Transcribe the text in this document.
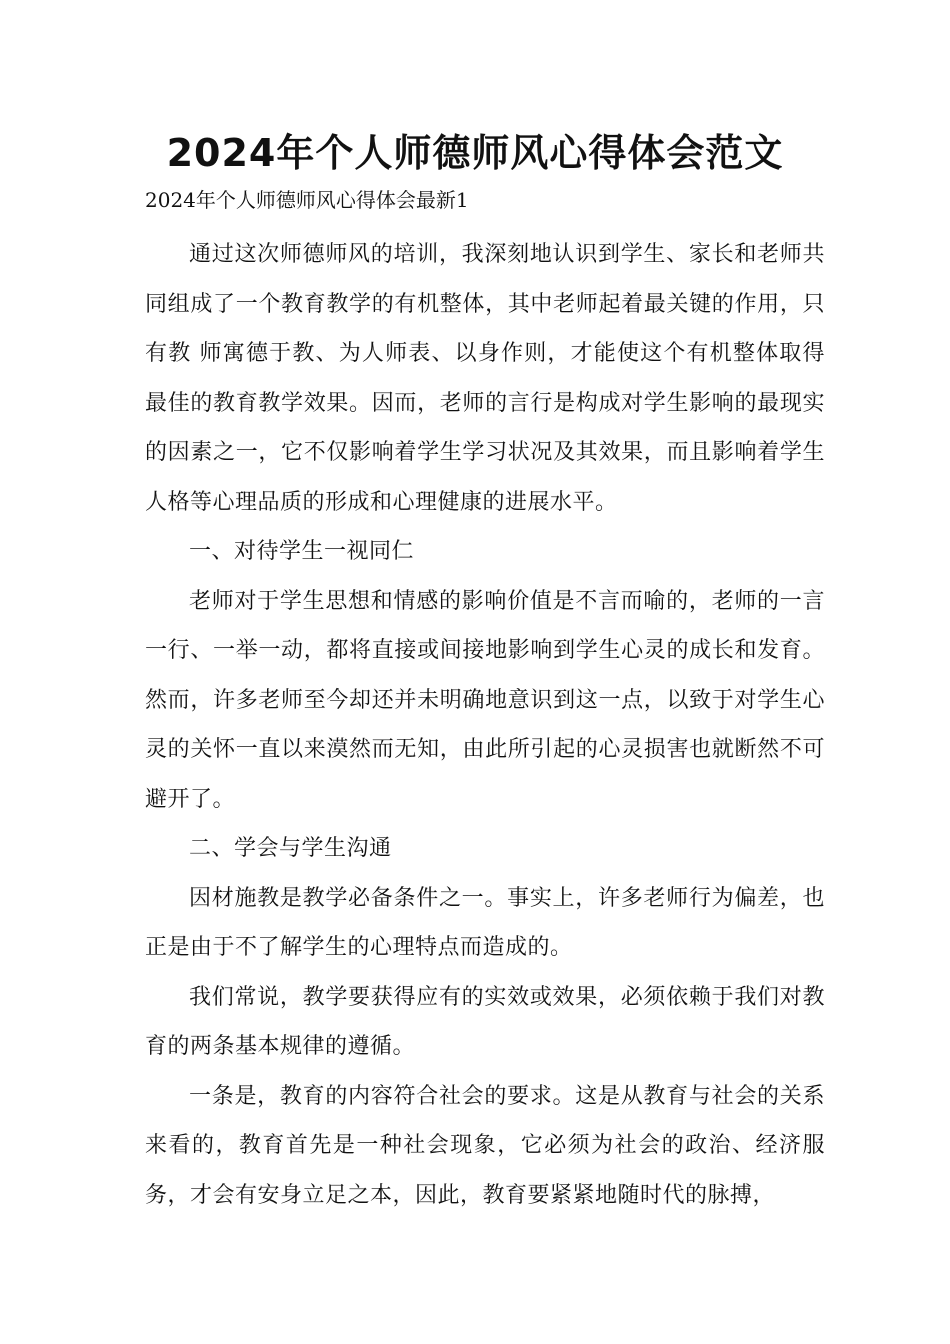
2024年个人师德师风心得体会范文
2024年个人师德师风心得体会最新1

通过这次师德师风的培训，我深刻地认识到学生、家长和老师共同组成了一个教育教学的有机整体，其中老师起着最关键的作用，只有教 师寓德于教、为人师表、以身作则，才能使这个有机整体取得最佳的教育教学效果。因而，老师的言行是构成对学生影响的最现实的因素之一，它不仅影响着学生学习状况及其效果，而且影响着学生人格等心理品质的形成和心理健康的进展水平。

一、对待学生一视同仁

老师对于学生思想和情感的影响价值是不言而喻的，老师的一言一行、一举一动，都将直接或间接地影响到学生心灵的成长和发育。然而，许多老师至今却还并未明确地意识到这一点，以致于对学生心灵的关怀一直以来漠然而无知，由此所引起的心灵损害也就断然不可避开了。

二、学会与学生沟通

因材施教是教学必备条件之一。事实上，许多老师行为偏差，也正是由于不了解学生的心理特点而造成的。

我们常说，教学要获得应有的实效或效果，必须依赖于我们对教育的两条基本规律的遵循。

一条是，教育的内容符合社会的要求。这是从教育与社会的关系来看的，教育首先是一种社会现象，它必须为社会的政治、经济服务，才会有安身立足之本，因此，教育要紧紧地随时代的脉搏，
